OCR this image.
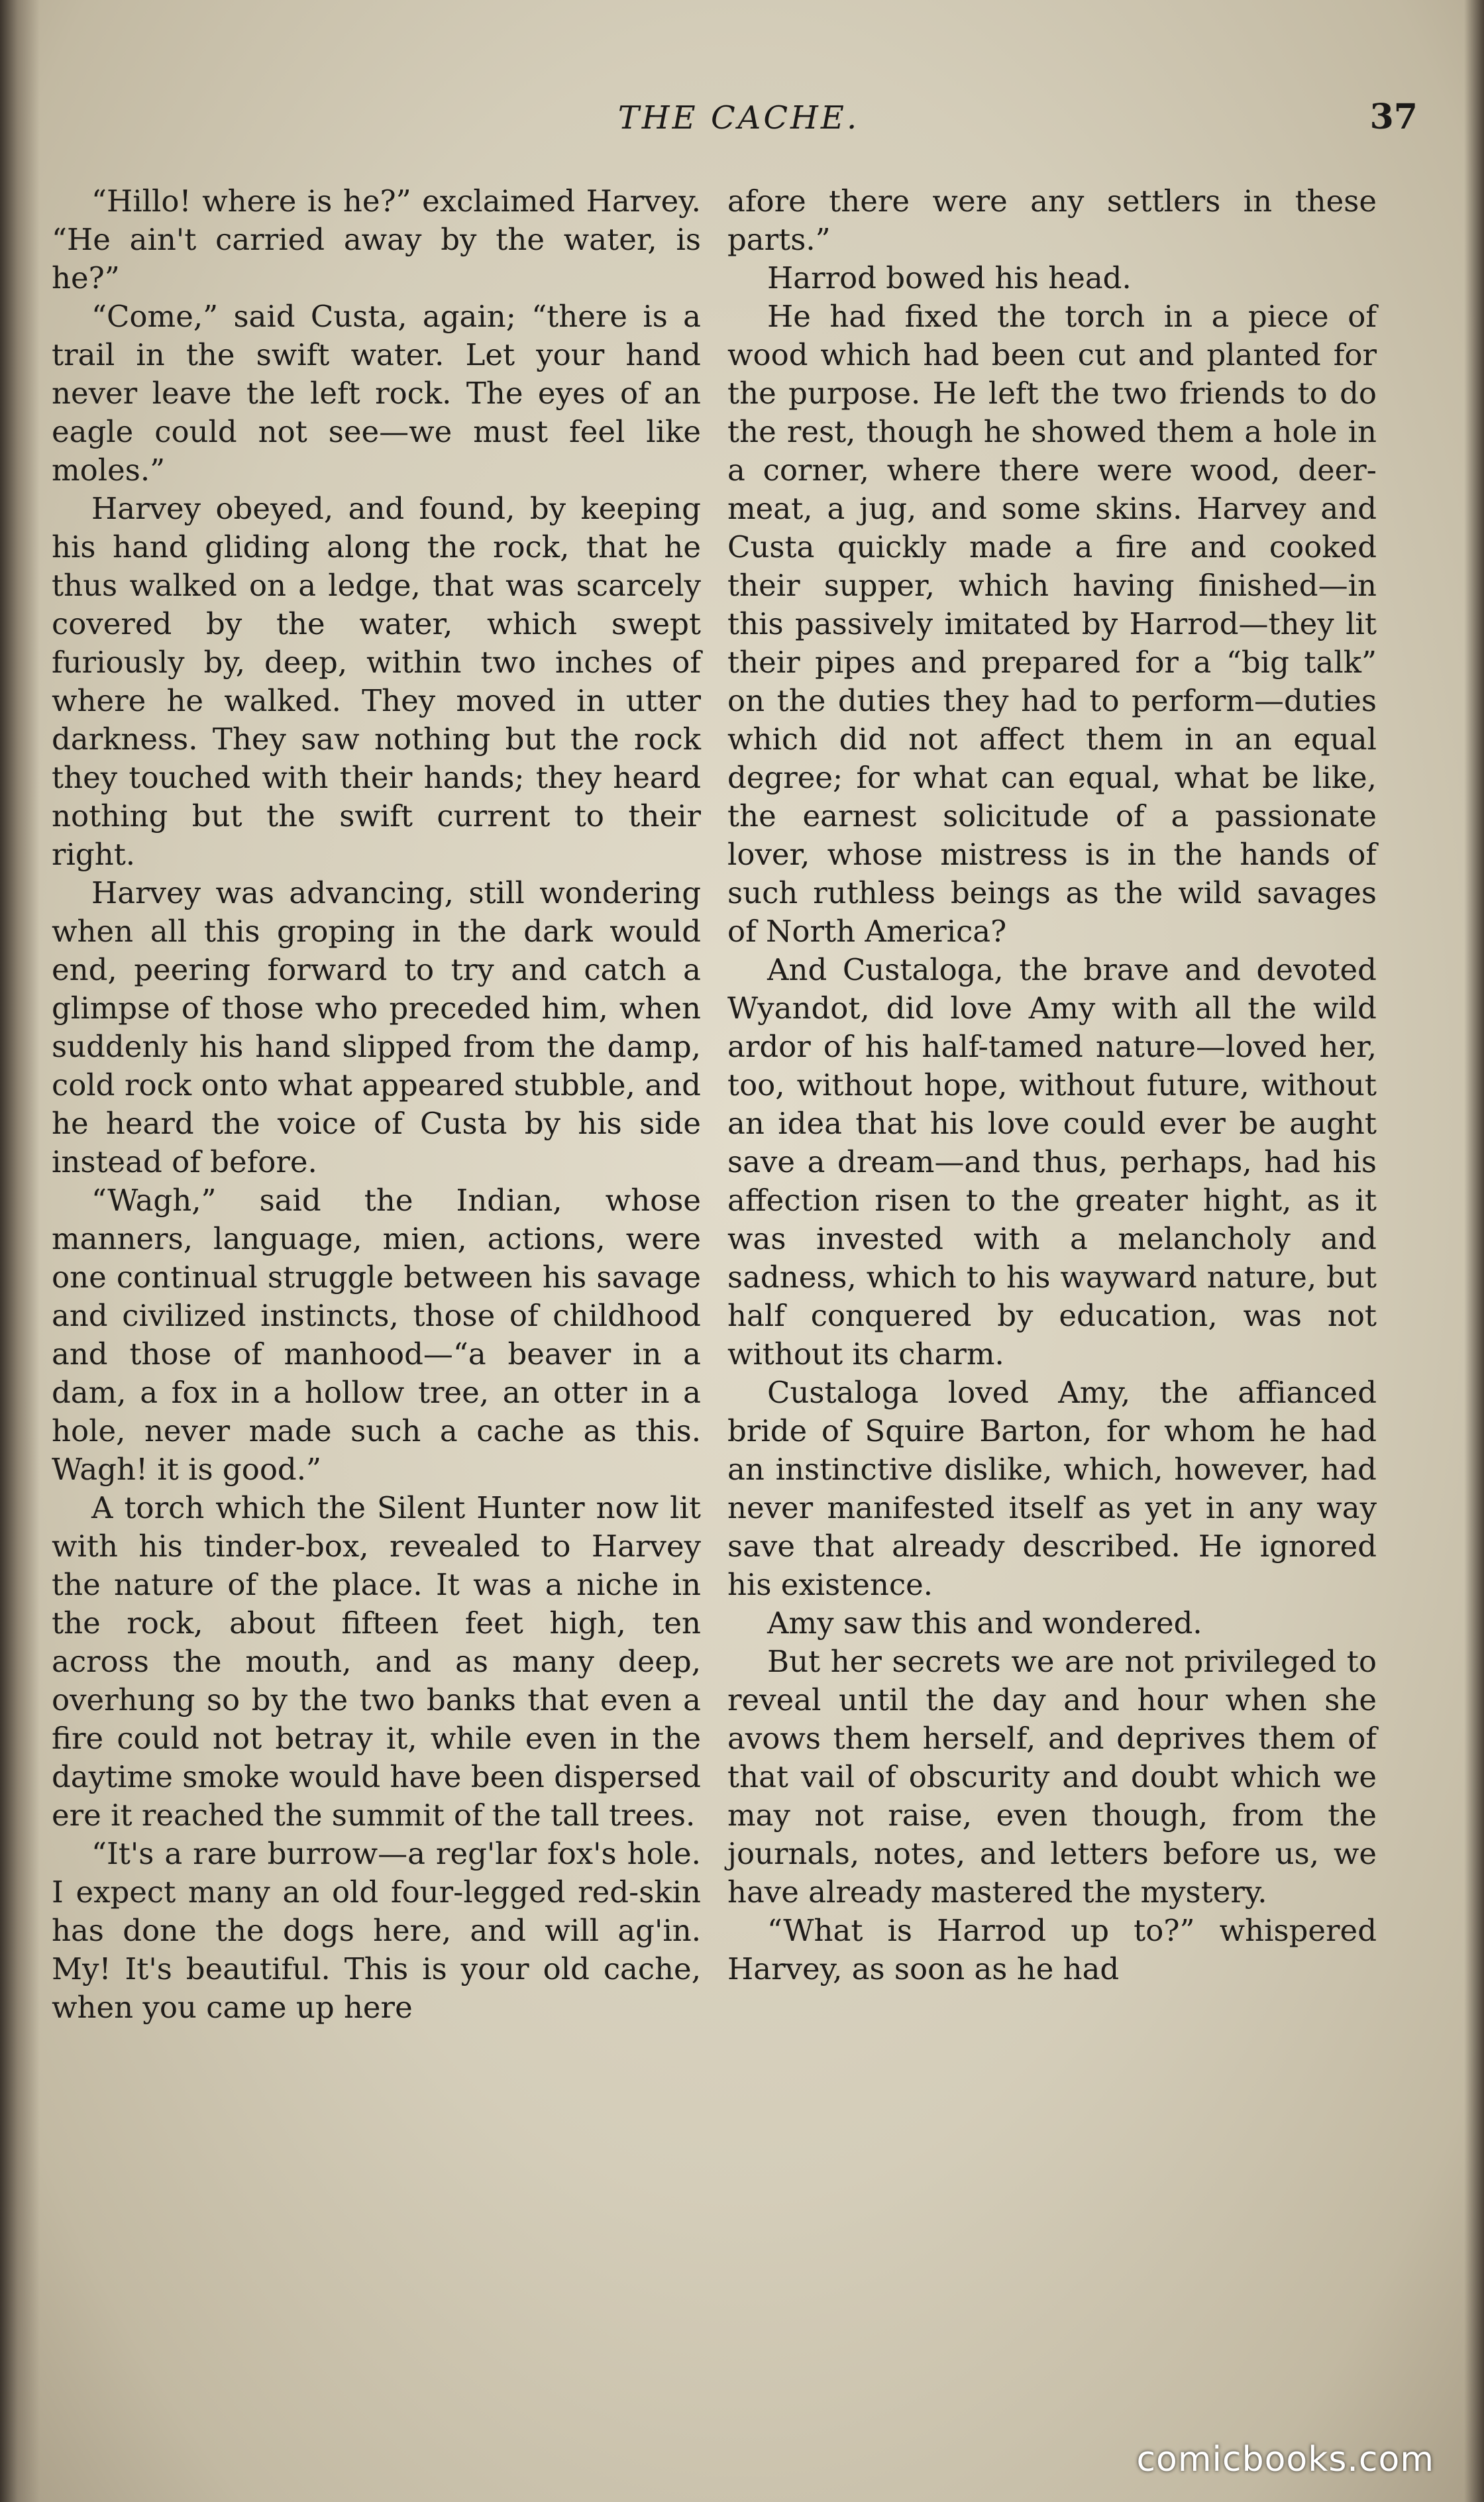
THE CACHE.	37

“Hillo! where is he?” exclaimed Harvey. “He ain't carried away by the water, is he?”

“Come,” said Custa, again; “there is a trail in the swift water. Let your hand never leave the left rock. The eyes of an eagle could not see—we must feel like moles.”

Harvey obeyed, and found, by keeping his hand gliding along the rock, that he thus walked on a ledge, that was scarcely covered by the water, which swept furiously by, deep, within two inches of where he walked. They moved in utter darkness. They saw nothing but the rock they touched with their hands; they heard nothing but the swift current to their right.

Harvey was advancing, still wondering when all this groping in the dark would end, peering forward to try and catch a glimpse of those who preceded him, when suddenly his hand slipped from the damp, cold rock onto what appeared stubble, and he heard the voice of Custa by his side instead of before.

“Wagh,” said the Indian, whose manners, language, mien, actions, were one continual struggle between his savage and civilized instincts, those of childhood and those of manhood—“a beaver in a dam, a fox in a hollow tree, an otter in a hole, never made such a cache as this. Wagh! it is good.”

A torch which the Silent Hunter now lit with his tinder-box, revealed to Harvey the nature of the place. It was a niche in the rock, about fifteen feet high, ten across the mouth, and as many deep, overhung so by the two banks that even a fire could not betray it, while even in the daytime smoke would have been dispersed ere it reached the summit of the tall trees.

“It's a rare burrow—a reg'lar fox's hole. I expect many an old four-legged red-skin has done the dogs here, and will ag'in. My! It's beautiful. This is your old cache, when you came up here

afore there were any settlers in these parts.”

Harrod bowed his head.

He had fixed the torch in a piece of wood which had been cut and planted for the purpose. He left the two friends to do the rest, though he showed them a hole in a corner, where there were wood, deer-meat, a jug, and some skins. Harvey and Custa quickly made a fire and cooked their supper, which having finished—in this passively imitated by Harrod—they lit their pipes and prepared for a “big talk” on the duties they had to perform—duties which did not affect them in an equal degree; for what can equal, what be like, the earnest solicitude of a passionate lover, whose mistress is in the hands of such ruthless beings as the wild savages of North America?

And Custaloga, the brave and devoted Wyandot, did love Amy with all the wild ardor of his half-tamed nature—loved her, too, without hope, without future, without an idea that his love could ever be aught save a dream—and thus, perhaps, had his affection risen to the greater hight, as it was invested with a melancholy and sadness, which to his wayward nature, but half conquered by education, was not without its charm.

Custaloga loved Amy, the affianced bride of Squire Barton, for whom he had an instinctive dislike, which, however, had never manifested itself as yet in any way save that already described. He ignored his existence.

Amy saw this and wondered.

But her secrets we are not privileged to reveal until the day and hour when she avows them herself, and deprives them of that vail of obscurity and doubt which we may not raise, even though, from the journals, notes, and letters before us, we have already mastered the mystery.

“What is Harrod up to?” whispered Harvey, as soon as he had

comicbooks.com
